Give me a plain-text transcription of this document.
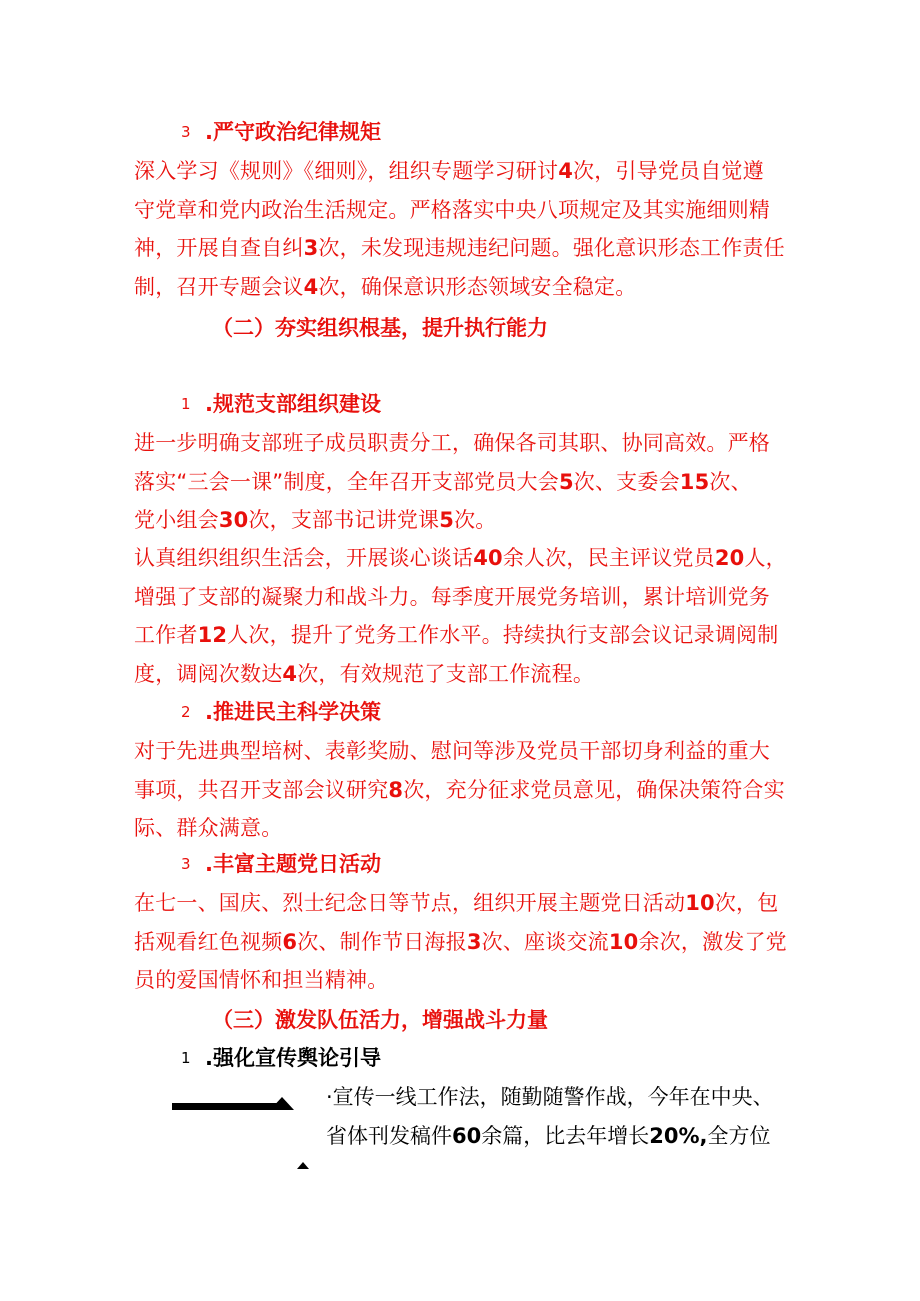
3 .严守政治纪律规矩
深入学习《规则》《细则》，组织专题学习研讨4次，引导党员自觉遵
守党章和党内政治生活规定。严格落实中央八项规定及其实施细则精
神，开展自查自纠3次，未发现违规违纪问题。强化意识形态工作责任
制，召开专题会议4次，确保意识形态领域安全稳定。
（二）夯实组织根基，提升执行能力
1 .规范支部组织建设
进一步明确支部班子成员职责分工，确保各司其职、协同高效。严格
落实“三会一课”制度，全年召开支部党员大会5次、支委会15次、
党小组会30次，支部书记讲党课5次。
认真组织组织生活会，开展谈心谈话40余人次，民主评议党员20人，
增强了支部的凝聚力和战斗力。每季度开展党务培训，累计培训党务
工作者12人次，提升了党务工作水平。持续执行支部会议记录调阅制
度，调阅次数达4次，有效规范了支部工作流程。
2 .推进民主科学决策
对于先进典型培树、表彰奖励、慰问等涉及党员干部切身利益的重大
事项，共召开支部会议研究8次，充分征求党员意见，确保决策符合实
际、群众满意。
3 .丰富主题党日活动
在七一、国庆、烈士纪念日等节点，组织开展主题党日活动10次，包
括观看红色视频6次、制作节日海报3次、座谈交流10余次，激发了党
员的爱国情怀和担当精神。
（三）激发队伍活力，增强战斗力量
1 .强化宣传舆论引导
·宣传一线工作法，随勤随警作战，今年在中央、
省体刊发稿件60余篇，比去年增长20%,全方位
